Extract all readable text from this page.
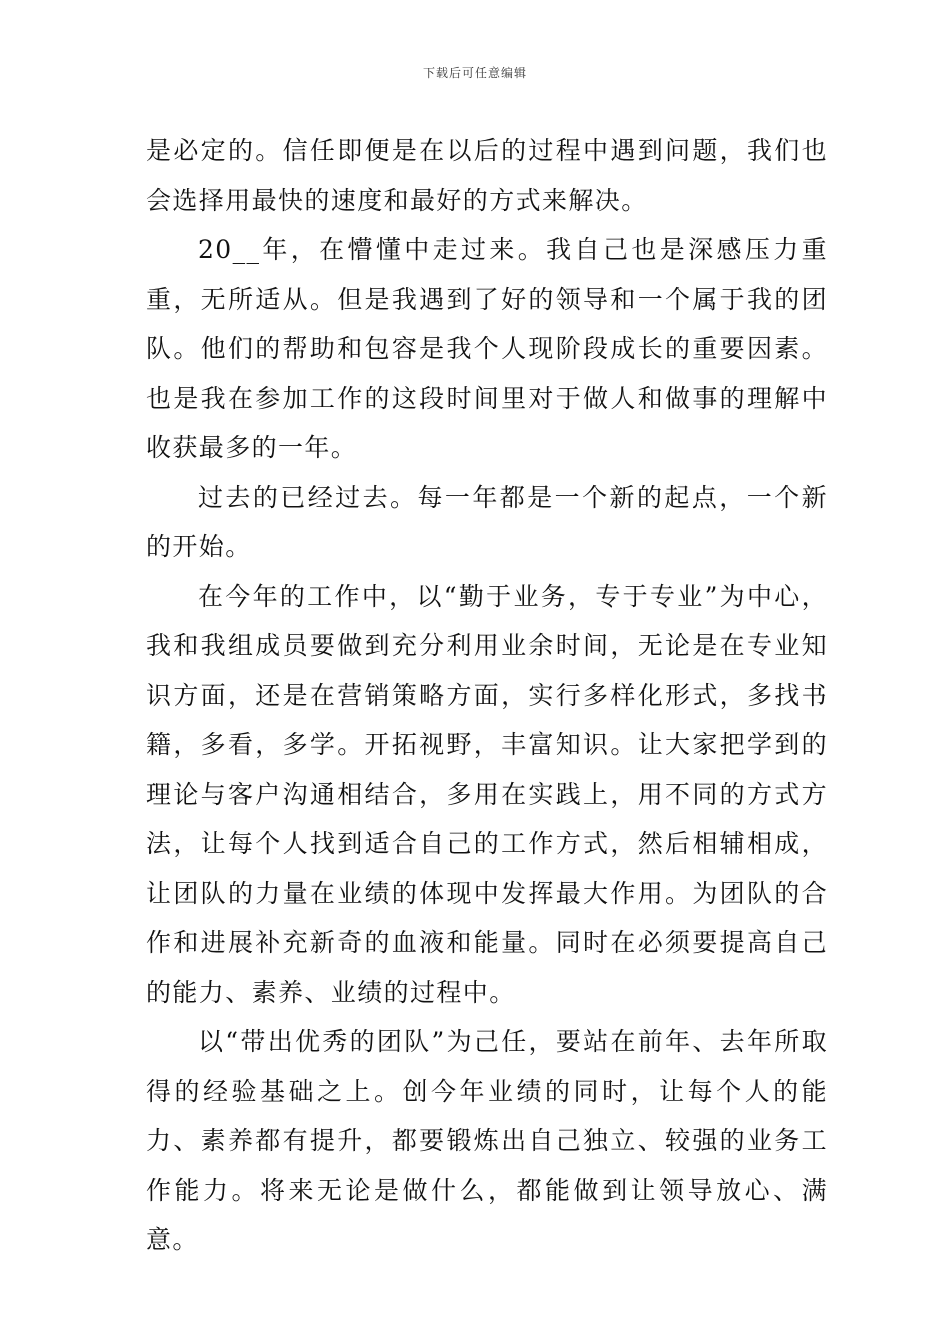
下载后可任意编辑

是必定的。信任即便是在以后的过程中遇到问题，我们也会选择用最快的速度和最好的方式来解决。

20__年，在懵懂中走过来。我自己也是深感压力重重，无所适从。但是我遇到了好的领导和一个属于我的团队。他们的帮助和包容是我个人现阶段成长的重要因素。也是我在参加工作的这段时间里对于做人和做事的理解中收获最多的一年。

过去的已经过去。每一年都是一个新的起点，一个新的开始。

在今年的工作中，以“勤于业务，专于专业”为中心，我和我组成员要做到充分利用业余时间，无论是在专业知识方面，还是在营销策略方面，实行多样化形式，多找书籍，多看，多学。开拓视野，丰富知识。让大家把学到的理论与客户沟通相结合，多用在实践上，用不同的方式方法，让每个人找到适合自己的工作方式，然后相辅相成，让团队的力量在业绩的体现中发挥最大作用。为团队的合作和进展补充新奇的血液和能量。同时在必须要提高自己的能力、素养、业绩的过程中。

以“带出优秀的团队”为己任，要站在前年、去年所取得的经验基础之上。创今年业绩的同时，让每个人的能力、素养都有提升，都要锻炼出自己独立、较强的业务工作能力。将来无论是做什么，都能做到让领导放心、满意。
